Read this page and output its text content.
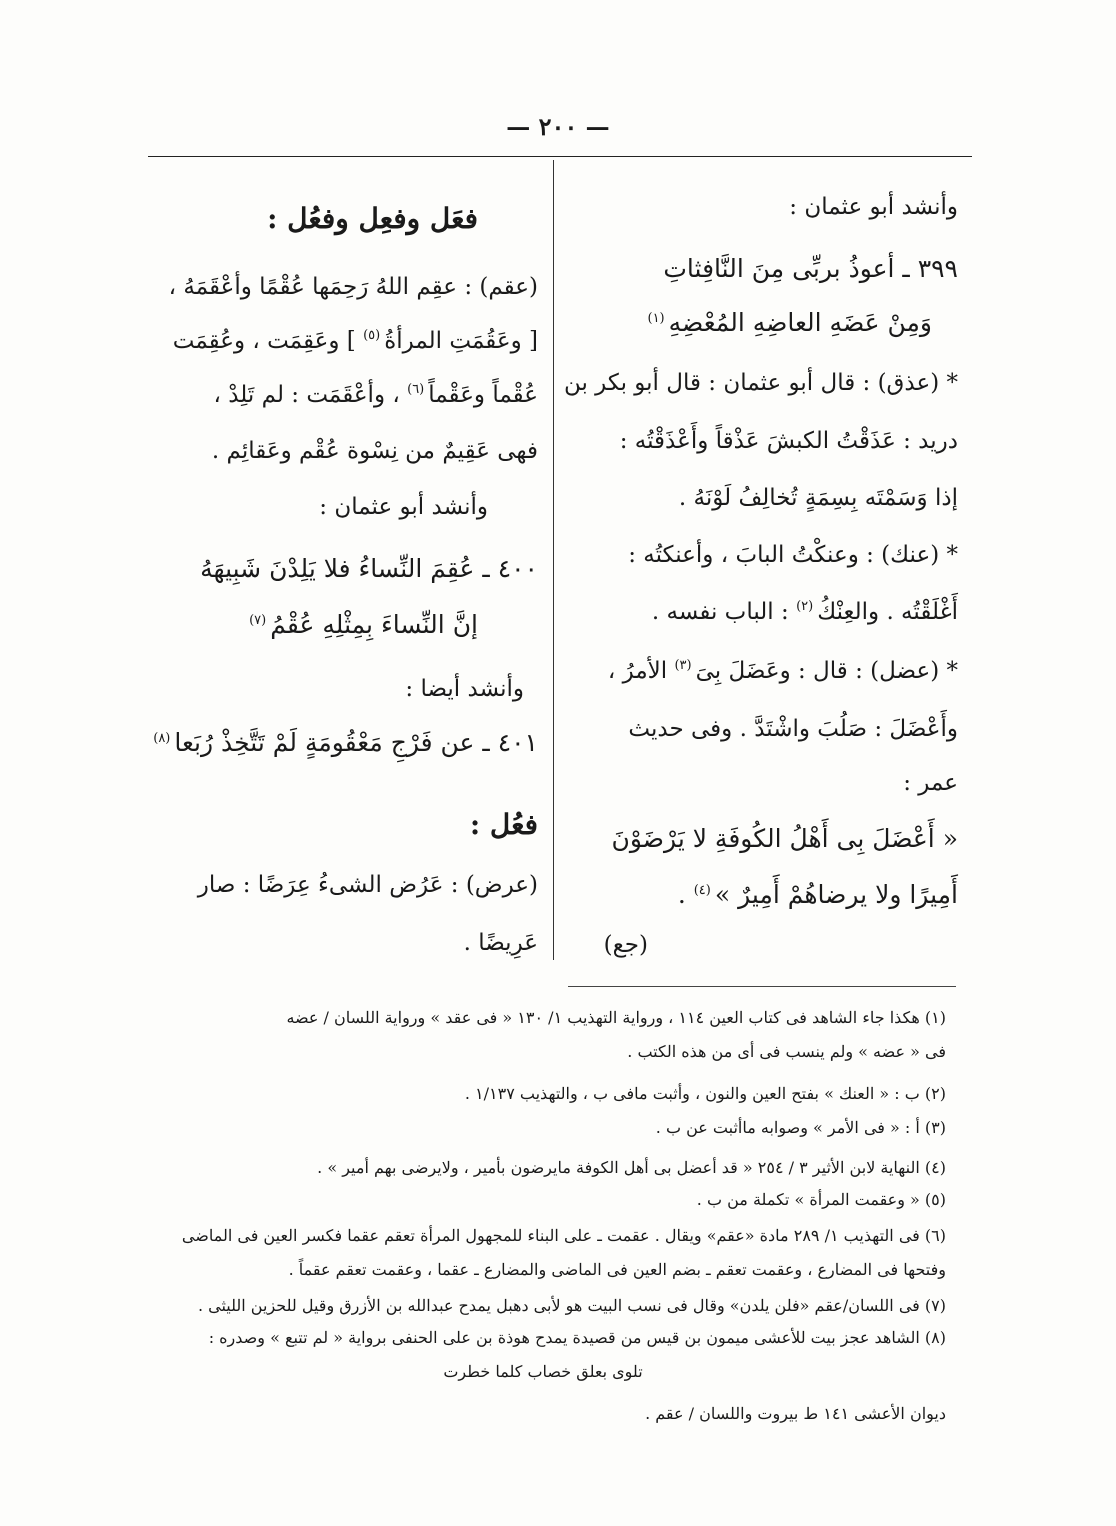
— ٢٠٠ —
وأنشد أبو عثمان :
٣٩٩ ـ أعوذُ بربِّى مِنَ النَّافِثاتِ
وَمِنْ عَضَهِ العاضِهِ المُعْضِهِ$^{(١)}$
* (عذق) : قال أبو عثمان : قال أبو بكر بن
دريد : عَذَقْتُ الكبشَ عَذْقاً وأَعْذَقْتُه :
إذا وَسَمْتَه بِسِمَةٍ تُخالِفُ لَوْنَهُ .
* (عنك) : وعنكْتُ البابَ ، وأعنكتُه :
أَغْلَقْتُه . والعِنْكُ$^{(٢)}$ : الباب نفسه .
* (عضل) : قال : وعَضَلَ بِىَ$^{(٣)}$ الأمرُ ،
وأَعْضَلَ : صَلُبَ واشْتَدَّ . وفى حديث
عمر :
« أَعْضَلَ بِى أَهْلُ الكُوفَةِ لا يَرْضَوْنَ
أَمِيرًا ولا يرضاهُمْ أَمِيرٌ »$^{(٤)}$ .
(جع)
فعَل وفعِل وفعُل :
(عقم) : عقِم اللهُ رَحِمَها عُقْمًا وأعْقَمَهُ ،
[ وعَقُمَتِ المرأةُ$^{(٥)}$ ] وعَقِمَت ، وعُقِمَت
عُقْماً وعَقْماً$^{(٦)}$ ، وأعْقَمَت : لم تَلِدْ ،
فهى عَقِيمٌ من نِسْوة عُقْم وعَقائِم .
وأنشد أبو عثمان :
٤٠٠ ـ عُقِمَ النِّساءُ فلا يَلِدْنَ شَبِيهَهُ
إنَّ النِّساءَ بِمِثْلِهِ عُقْمُ$^{(٧)}$
وأنشد أيضا :
٤٠١ ـ عن فَرْجِ مَعْقُومَةٍ لَمْ تَتَّخِذْ رُبَعا$^{(٨)}$
فعُل :
(عرض) : عَرُض الشىءُ عِرَضًا : صار
عَرِيضًا .
(١) هكذا جاء الشاهد فى كتاب العين ١١٤ ، ورواية التهذيب ١/ ١٣٠ « فى عقد » ورواية اللسان / عضه
فى « عضه » ولم ينسب فى أى من هذه الكتب .
(٢) ب : « العنك » بفتح العين والنون ، وأثبت مافى ب ، والتهذيب ١/١٣٧ .
(٣) أ : « فى الأمر » وصوابه ماأثبت عن ب .
(٤) النهاية لابن الأثير ٣ / ٢٥٤ « قد أعضل بى أهل الكوفة مايرضون بأمير ، ولايرضى بهم أمير » .
(٥) « وعقمت المرأة » تكملة من ب .
(٦) فى التهذيب ١/ ٢٨٩ مادة «عقم» ويقال . عقمت ـ على البناء للمجهول المرأة تعقم عقما فكسر العين فى الماضى
وفتحها فى المضارع ، وعقمت تعقم ـ بضم العين فى الماضى والمضارع ـ عقما ، وعقمت تعقم عقماً .
(٧) فى اللسان/عقم «فلن يلدن» وقال فى نسب البيت هو لأبى دهبل يمدح عبدالله بن الأزرق وقيل للحزين الليثى .
(٨) الشاهد عجز بيت للأعشى ميمون بن قيس من قصيدة يمدح هوذة بن على الحنفى برواية « لم تتبع » وصدره :
تلوى بعلق خصاب كلما خطرت
ديوان الأعشى ١٤١ ط بيروت واللسان / عقم .
